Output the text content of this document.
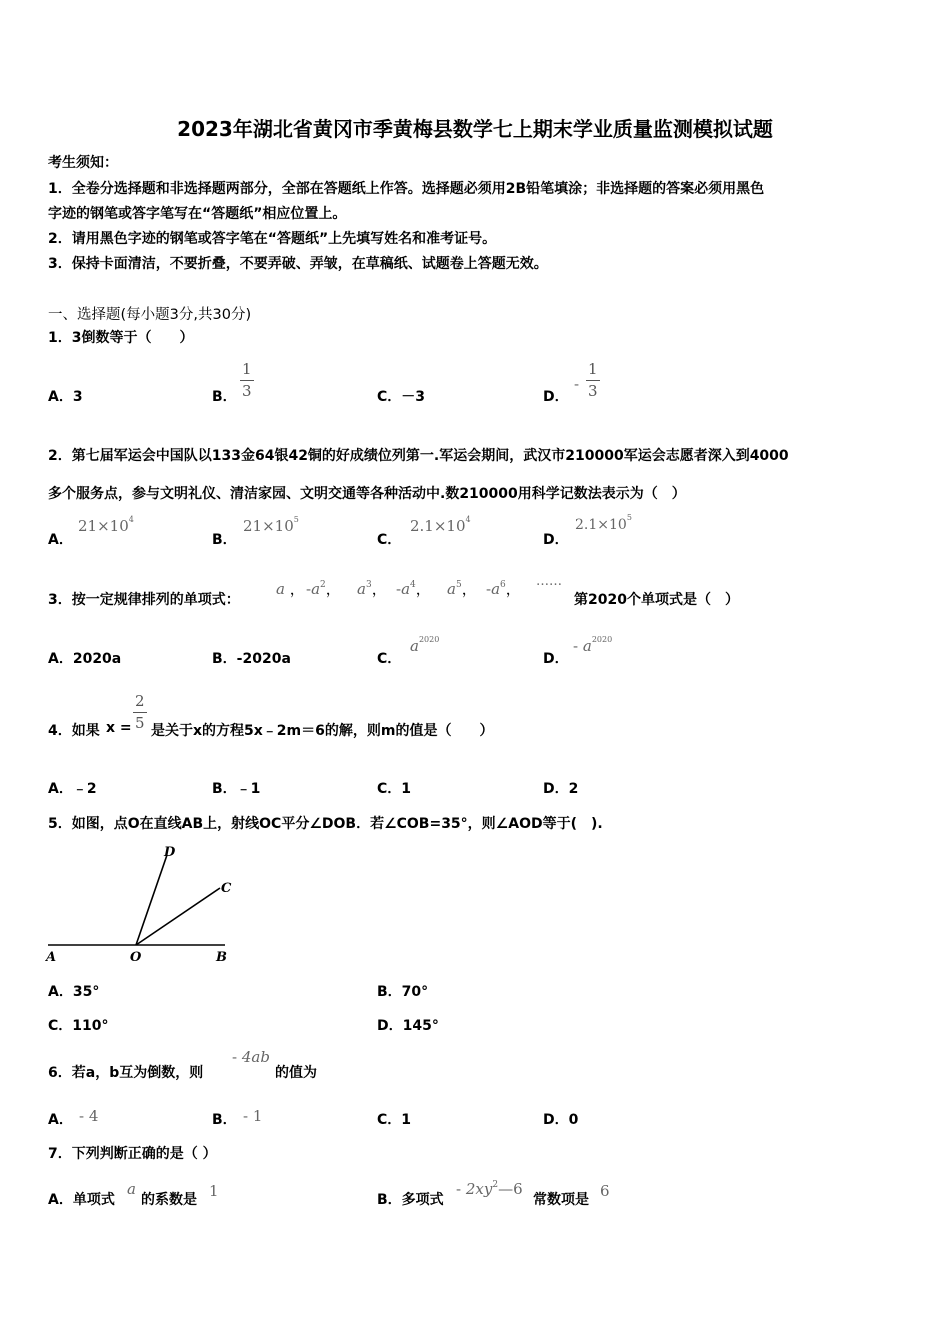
2023年湖北省黄冈市季黄梅县数学七上期末学业质量监测模拟试题
考生须知：
1．全卷分选择题和非选择题两部分，全部在答题纸上作答。选择题必须用2B铅笔填涂；非选择题的答案必须用黑色
字迹的钢笔或答字笔写在“答题纸”相应位置上。
2．请用黑色字迹的钢笔或答字笔在“答题纸”上先填写姓名和准考证号。
3．保持卡面清洁，不要折叠，不要弄破、弄皱，在草稿纸、试题卷上答题无效。
一、选择题(每小题3分,共30分)
1．3倒数等于（　　）
A．3	B． $\frac{1}{3}$	C．－3	D．
- $\frac{1}{3}$
2．第七届军运会中国队以133金64银42铜的好成绩位列第一.军运会期间，武汉市210000军运会志愿者深入到4000
多个服务点，参与文明礼仪、清洁家园、文明交通等各种活动中.数210000用科学记数法表示为（　）
A．
$21\times 10^4$
B．
$21\times 10^5$
C．
$2.1\times 10^4$
D．
$2.1\times 10^5$
3．按一定规律排列的单项式：
a ， $-a^2$， $a^3$， $-a^4$， $a^5$， $-a^6$， ……
第2020个单项式是（　）
A．2020a	B．-2020a	C．
$a^{2020}$
D．
- $a^{2020}$
4．如果 $x = \frac{2}{5}$ 是关于x的方程5x﹣2m＝6的解，则m的值是（　　）
A．﹣2	B．﹣1	C．1	D．2
5．如图，点O在直线AB上，射线OC平分∠DOB．若∠COB=35°，则∠AOD等于(　).
A	O	B
C
D
A．35°	B．70°
C．110°	D．145°
6．若a，b互为倒数，则
- 4ab
的值为
A． - 4	B． - 1	C．1	D．0
7．下列判断正确的是（ ）
A．单项式
a
的系数是 1	B．多项式
- $2xy^2—6$
常数项是 6
